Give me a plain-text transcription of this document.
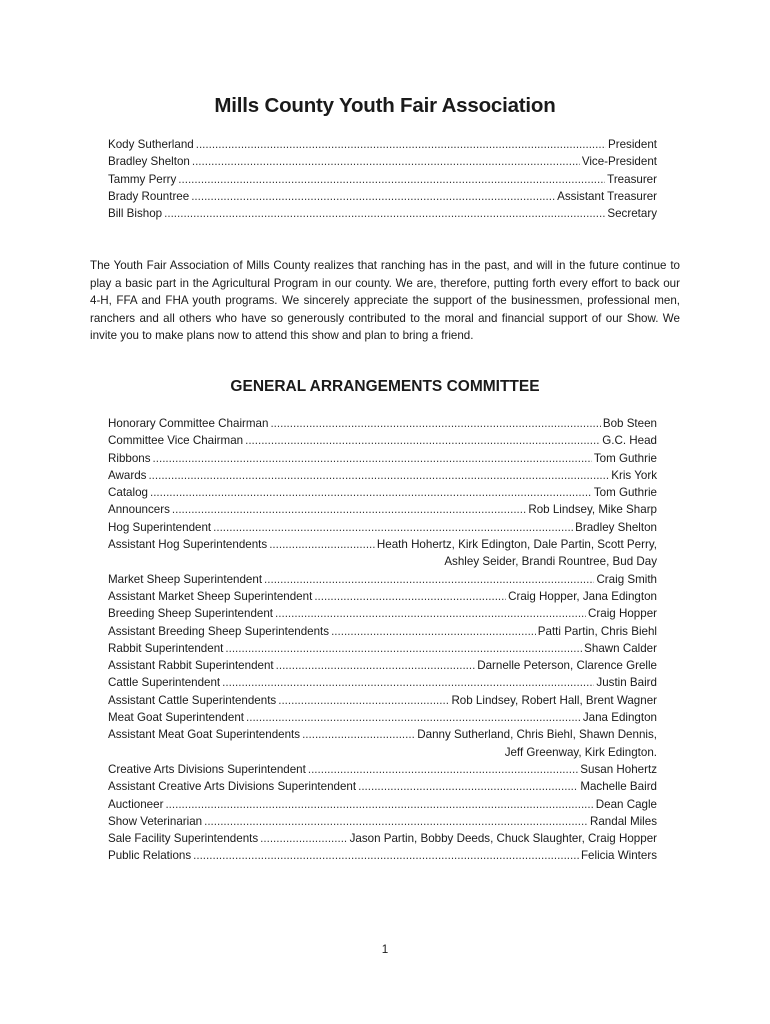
Mills County Youth Fair Association
Kody Sutherland .....	President
Bradley Shelton .....	Vice-President
Tammy Perry .....	Treasurer
Brady Rountree .....	Assistant Treasurer
Bill Bishop .....	Secretary
The Youth Fair Association of Mills County realizes that ranching has in the past, and will in the future continue to play a basic part in the Agricultural Program in our county. We are, therefore, putting forth every effort to back our 4-H, FFA and FHA youth programs. We sincerely appreciate the support of the businessmen, professional men, ranchers and all others who have so generously contributed to the moral and financial support of our Show. We invite you to make plans now to attend this show and plan to bring a friend.
GENERAL ARRANGEMENTS COMMITTEE
Honorary Committee Chairman .....	Bob Steen
Committee Vice Chairman .....	G.C. Head
Ribbons .....	Tom Guthrie
Awards .....	Kris York
Catalog .....	Tom Guthrie
Announcers .....	Rob Lindsey, Mike Sharp
Hog Superintendent .....	Bradley Shelton
Assistant Hog Superintendents .....	Heath Hohertz, Kirk Edington, Dale Partin, Scott Perry,
Ashley Seider, Brandi Rountree, Bud Day
Market Sheep Superintendent .....	Craig Smith
Assistant Market Sheep Superintendent .....	Craig Hopper, Jana Edington
Breeding Sheep Superintendent .....	Craig Hopper
Assistant Breeding Sheep Superintendents .....	Patti Partin, Chris Biehl
Rabbit Superintendent .....	Shawn Calder
Assistant Rabbit Superintendent .....	Darnelle Peterson, Clarence Grelle
Cattle Superintendent .....	Justin Baird
Assistant Cattle Superintendents .....	Rob Lindsey, Robert Hall, Brent Wagner
Meat Goat Superintendent .....	Jana Edington
Assistant Meat Goat Superintendents .....	Danny Sutherland, Chris Biehl, Shawn Dennis,
Jeff Greenway, Kirk Edington.
Creative Arts Divisions Superintendent .....	Susan Hohertz
Assistant Creative Arts Divisions Superintendent .....	Machelle Baird
Auctioneer .....	Dean Cagle
Show Veterinarian .....	Randal Miles
Sale Facility Superintendents .....	Jason Partin, Bobby Deeds, Chuck Slaughter, Craig Hopper
Public Relations .....	Felicia Winters
1
